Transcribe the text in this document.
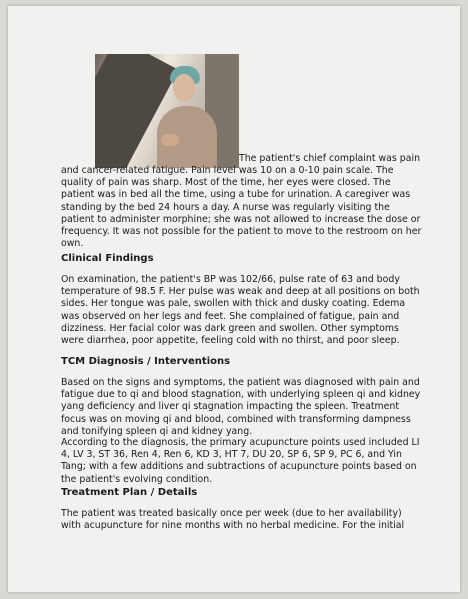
The patient's chief complaint was pain

and cancer-related fatigue. Pain level was 10 on a 0-10 pain scale. The quality of pain was sharp. Most of the time, her eyes were closed. The patient was in bed all the time, using a tube for urination. A caregiver was standing by the bed 24 hours a day. A nurse was regularly visiting the patient to administer morphine; she was not allowed to increase the dose or frequency. It was not possible for the patient to move to the restroom on her own.

Clinical Findings

On examination, the patient's BP was 102/66, pulse rate of 63 and body temperature of 98.5 F. Her pulse was weak and deep at all positions on both sides. Her tongue was pale, swollen with thick and dusky coating. Edema was observed on her legs and feet. She complained of fatigue, pain and dizziness. Her facial color was dark green and swollen. Other symptoms were diarrhea, poor appetite, feeling cold with no thirst, and poor sleep.

TCM Diagnosis / Interventions

Based on the signs and symptoms, the patient was diagnosed with pain and fatigue due to qi and blood stagnation, with underlying spleen qi and kidney yang deficiency and liver qi stagnation impacting the spleen. Treatment focus was on moving qi and blood, combined with transforming dampness and tonifying spleen qi and kidney yang.

According to the diagnosis, the primary acupuncture points used included LI 4, LV 3, ST 36, Ren 4, Ren 6, KD 3, HT 7, DU 20, SP 6, SP 9, PC 6, and Yin Tang; with a few additions and subtractions of acupuncture points based on the patient's evolving condition.

Treatment Plan / Details

The patient was treated basically once per week (due to her availability) with acupuncture for nine months with no herbal medicine. For the initial
